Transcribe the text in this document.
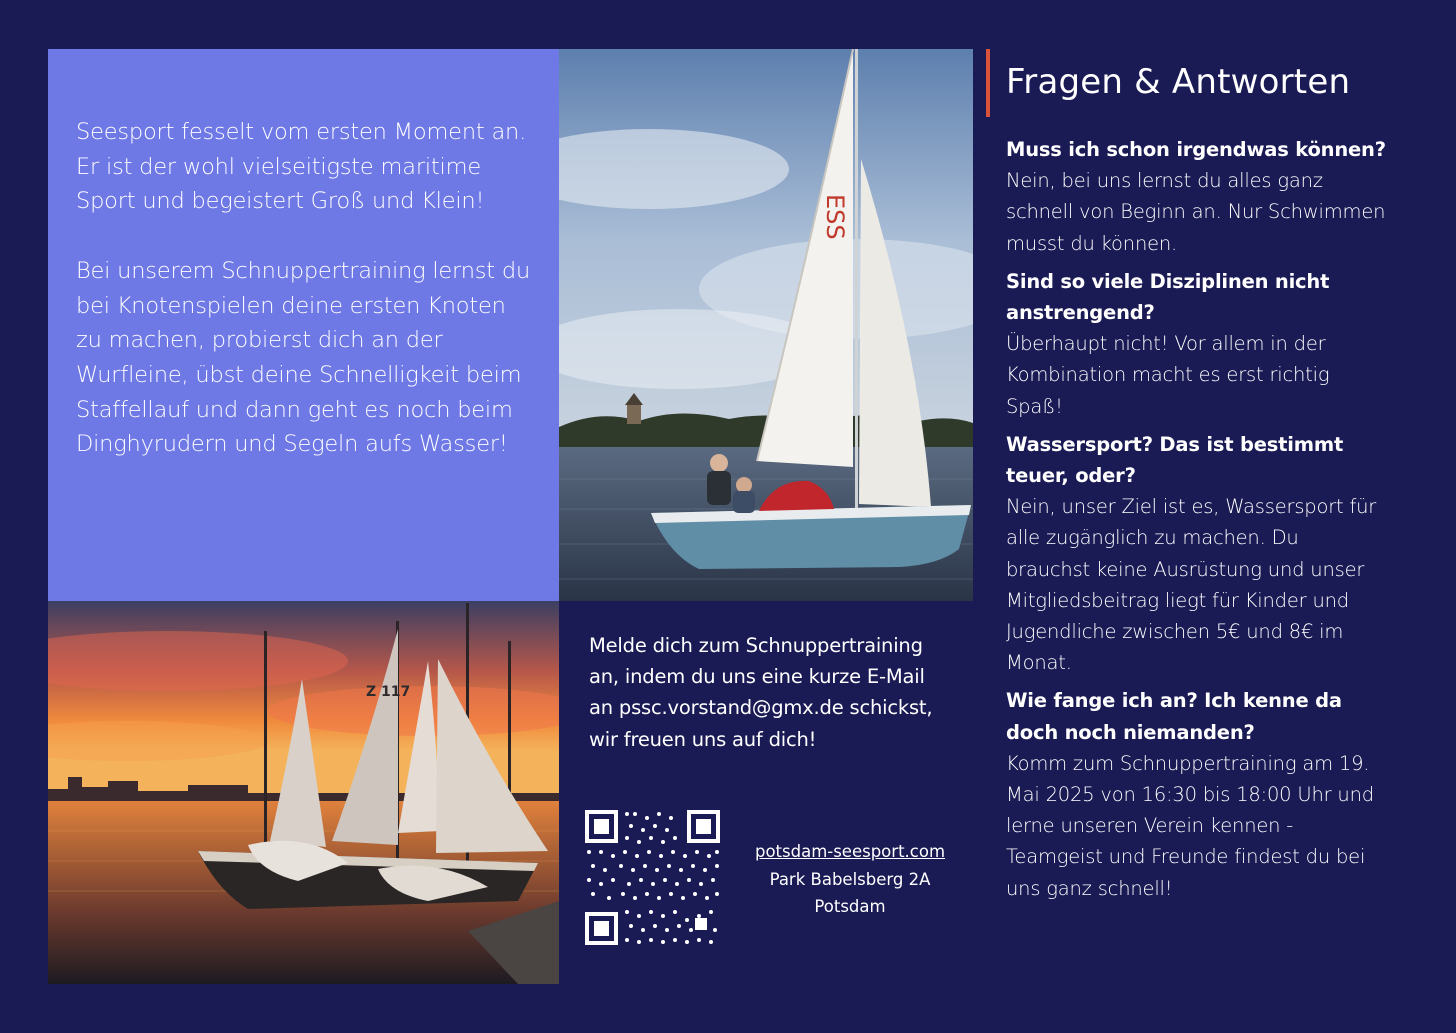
Seesport fesselt vom ersten Moment an. Er ist der wohl vielseitigste maritime Sport und begeistert Groß und Klein!

Bei unserem Schnuppertraining lernst du bei Knotenspielen deine ersten Knoten zu machen, probierst dich an der Wurfleine, übst deine Schnelligkeit beim Staffellauf und dann geht es noch beim Dinghyrudern und Segeln aufs Wasser!

ESS
Z 117
Melde dich zum Schnuppertraining an, indem du uns eine kurze E-Mail an pssc.vorstand@gmx.de schickst, wir freuen uns auf dich!
potsdam-seesport.com
Park Babelsberg 2A
Potsdam
Fragen & Antworten

Muss ich schon irgendwas können?

Nein, bei uns lernst du alles ganz schnell von Beginn an. Nur Schwimmen musst du können.

Sind so viele Disziplinen nicht anstrengend?

Überhaupt nicht! Vor allem in der Kombination macht es erst richtig Spaß!

Wassersport? Das ist bestimmt teuer, oder?

Nein, unser Ziel ist es, Wassersport für alle zugänglich zu machen. Du brauchst keine Ausrüstung und unser Mitgliedsbeitrag liegt für Kinder und Jugendliche zwischen 5€ und 8€ im Monat.

Wie fange ich an? Ich kenne da doch noch niemanden?

Komm zum Schnuppertraining am 19. Mai 2025 von 16:30 bis 18:00 Uhr und lerne unseren Verein kennen - Teamgeist und Freunde findest du bei uns ganz schnell!
